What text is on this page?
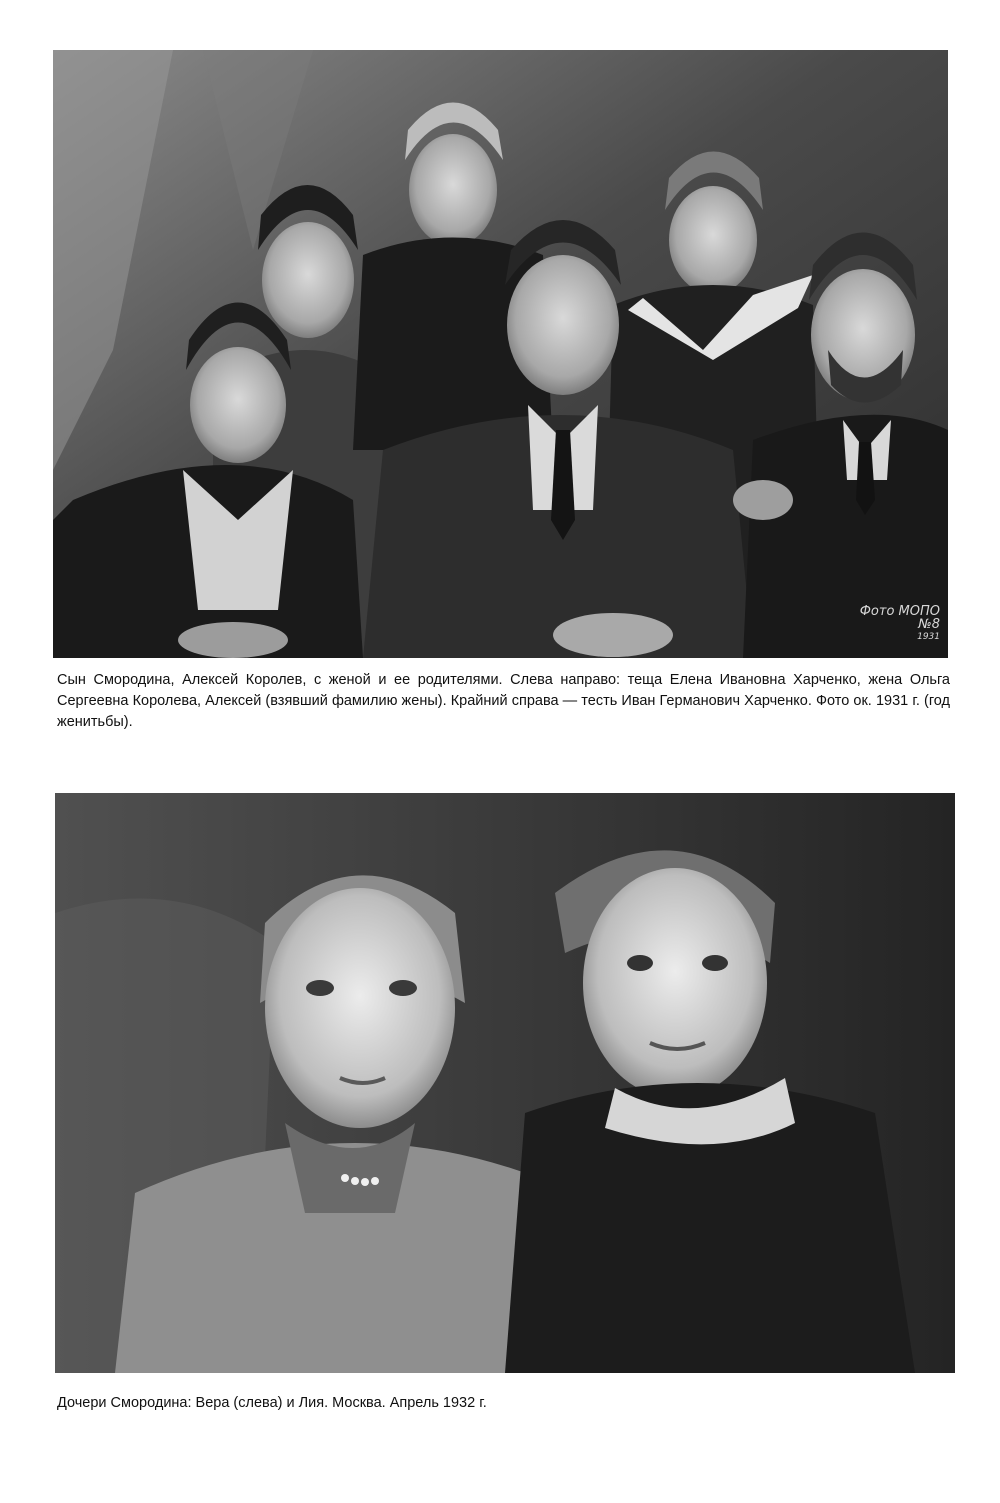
Фото МОПО
№8
1931
Сын Смородина, Алексей Королев, с женой и ее родителями. Слева направо: теща Елена Ивановна Харченко, жена Ольга Сергеевна Королева, Алексей (взявший фамилию жены). Крайний справа — тесть Иван Германович Харченко. Фото ок. 1931 г. (год женитьбы).
Дочери Смородина: Вера (слева) и Лия. Москва. Апрель 1932 г.
